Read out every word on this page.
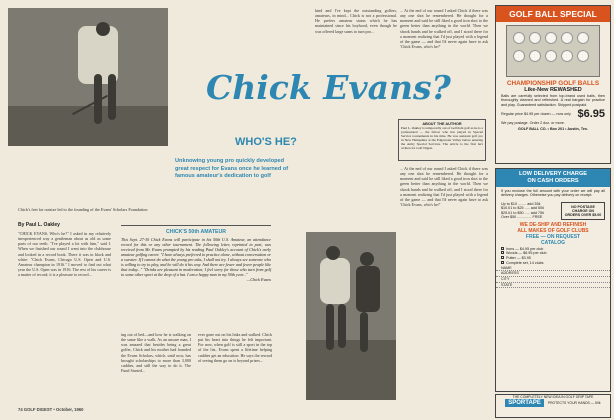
Chick's feet far outsize led to the founding of the Evans' Scholars Foundation
Chick Evans?
WHO'S HE?
Unknowing young pro quickly developed great respect for Evans once he learned of famous amateur's dedication to golf
By Paul L. Oakley
"CHICK EVANS, Who's he?" I asked in my relatively inexperienced way a gentleman about as old as some parts of our teeth. "I've played a lot with him," said I. When we finished our round I went into the clubhouse and looked in a record book. There it was in black and white: "Chick Evans, Chicago U.S. Open and U.S. Amateur champion in 1916." I moved to find out what year the U.S. Open was in 1916. The rest of his career is a matter of record; it is a pleasure to record...
CHICK'S 50th AMATEUR

This Sept. 27-30 Chick Evans will participate in his 50th U.S. Amateur, an attendance record for this or any other tournament. The following letter, reprinted in part, was received from Mr. Evans prompted by his reading Paul Oakley's account of Chick's early amateur golfing career. "I have always preferred to practice alone, without conversation or a sweater. If I cannot do what the young pro asks, I shall not try. I always see someone who is willing to try to play, and he will do it his way. And there are fewer and fewer people like that today..." "Drinks are pleasant in moderation; I feel sorry for those who turn from golf to some other sport at the drop of a hat. I am a happy man in my 50th year..."

—Chick Evans
ing out of bed—and how he is walking on the same like a walk. As an unsure man, I was amazed that besides being a great golfer, Chick and his mother had founded the Evans Scholars, which, until now, has brought scholarships to more than 3,000 caddies, and still the way to do it. The Fund Started...
ever gone out on his links and walked. Chick put his heart into things he felt important. For now, when golf is still a sport in the top of the list, Evans spent a lifetime helping caddies get an education. He says the reward of seeing them go on is beyond prizes...
kind and I've kept the outstanding golfers, amateurs, in mind... Chick is not a professional. He prefers amateur status which he has maintained since his boyhood, even though he was offered large sums to turn pro...
... At the end of our round I asked Chick if there was any one shot he remembered. He thought for a moment and said he still liked a good iron shot to the green better than anything in the world. Then we shook hands and he walked off, and I stood there for a moment realizing that I'd just played with a legend of the game — and that I'd never again have to ask 'Chick Evans, who's he?'
ABOUT THE AUTHOR

Paul L. Oakley is temporarily out of Golfdom golf as he is a professional — the fellow who has played in Special Service tournaments in his time. He was assistant golf pro in New Hampshire at the Edgewater Valley before entering the Army Special Services. The article is the first he's written for Golf Digest.

... At the end of our round I asked Chick if there was any one shot he remembered. He thought for a moment and said he still liked a good iron shot to the green better than anything in the world. Then we shook hands and he walked off, and I stood there for a moment realizing that I'd just played with a legend of the game — and that I'd never again have to ask 'Chick Evans, who's he?'
74 GOLF DIGEST • October, 1960
GOLF BALL SPECIAL
CHAMPIONSHIP GOLF BALLS
Like-New REWASHED
Balls are carefully selected from top-brand used balls, then thoroughly cleaned and refinished. A real bargain for practice and play. Guaranteed satisfaction. Shipped postpaid.
Regular price $4.95 per dozen — now only $6.95
We pay postage. Order 2 doz. or more.
GOLF BALL CO. • Box 201 • Austin, Tex.
LOW DELIVERY CHARGE
ON CASH ORDERS
If you enclose the full amount with your order we will pay all delivery charges. Otherwise you pay delivery on receipt.
Up to $10 ........ add 35¢
$10.01 to $25 ..... add 50¢
$25.01 to $50 ..... add 75¢
Over $50 .............. FREE
NO POSTAGE CHARGE ON ORDERS OVER $5.00
WE DE-SHIP AND REFINISH
ALL MAKES OF GOLF CLUBS
FREE — ON REQUEST
CATALOG
Irons — $4.95 per club
Woods — $6.95 per club
Putter — $3.95
Complete set, 14 clubs
NAME
ADDRESS
CITY
STATE
THE COMPLETELY NEW IDEA IN GOLF GRIP TAPE
SPORTAPE	PROTECTS YOUR HANDS — 50¢
